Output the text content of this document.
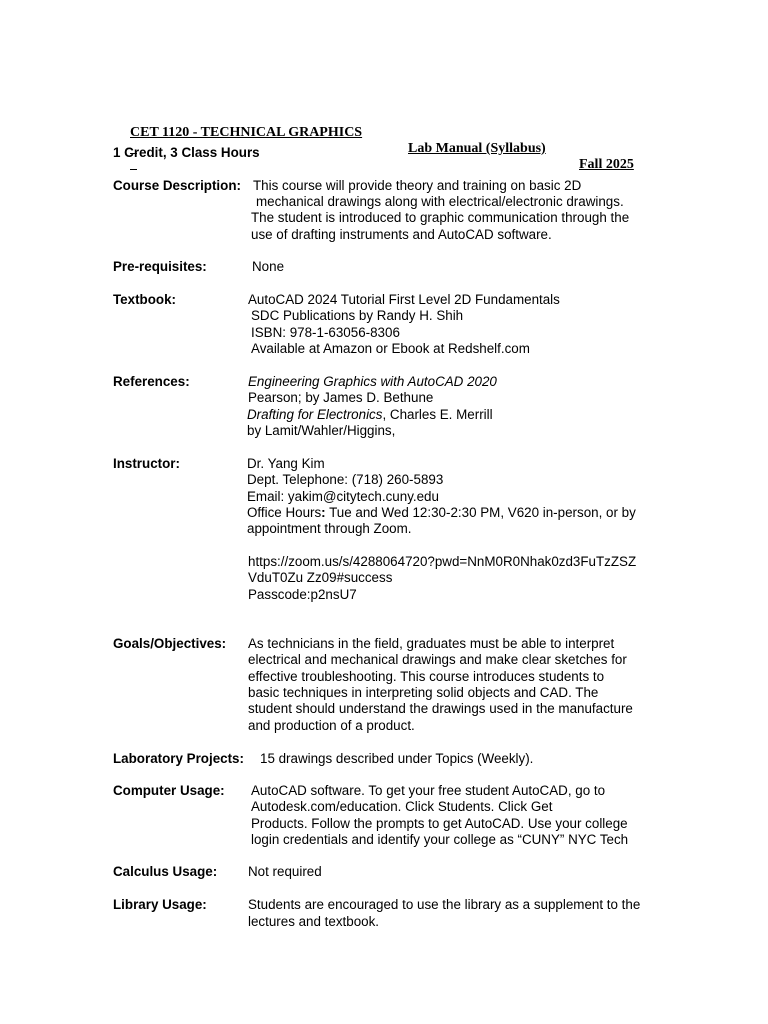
CET 1120 - TECHNICAL GRAPHICS

Lab Manual (Syllabus)

Fall 2025

1 Credit, 3 Class Hours
Course Description: This course will provide theory and training on basic 2D
mechanical drawings along with electrical/electronic drawings.
The student is introduced to graphic communication through the
use of drafting instruments and AutoCAD software.
Pre-requisites:	None
Textbook:	AutoCAD 2024 Tutorial First Level 2D Fundamentals
SDC Publications by Randy H. Shih
ISBN: 978-1-63056-8306
Available at Amazon or Ebook at Redshelf.com
References:	Engineering Graphics with AutoCAD 2020
Pearson; by James D. Bethune
Drafting for Electronics, Charles E. Merrill
by Lamit/Wahler/Higgins,
Instructor:	Dr. Yang Kim
Dept. Telephone: (718) 260-5893
Email: yakim@citytech.cuny.edu
Office Hours: Tue and Wed 12:30-2:30 PM, V620 in-person, or by
appointment through Zoom.
https://zoom.us/s/4288064720?pwd=NnM0R0Nhak0zd3FuTzZSZ
VduT0Zu Zz09#success
Passcode:p2nsU7
Goals/Objectives: As technicians in the field, graduates must be able to interpret
electrical and mechanical drawings and make clear sketches for
effective troubleshooting. This course introduces students to
basic techniques in interpreting solid objects and CAD. The
student should understand the drawings used in the manufacture
and production of a product.
Laboratory Projects: 15 drawings described under Topics (Weekly).
Computer Usage: AutoCAD software. To get your free student AutoCAD, go to
Autodesk.com/education. Click Students. Click Get
Products. Follow the prompts to get AutoCAD. Use your college
login credentials and identify your college as “CUNY” NYC Tech
Calculus Usage: Not required
Library Usage:	Students are encouraged to use the library as a supplement to the
lectures and textbook.
